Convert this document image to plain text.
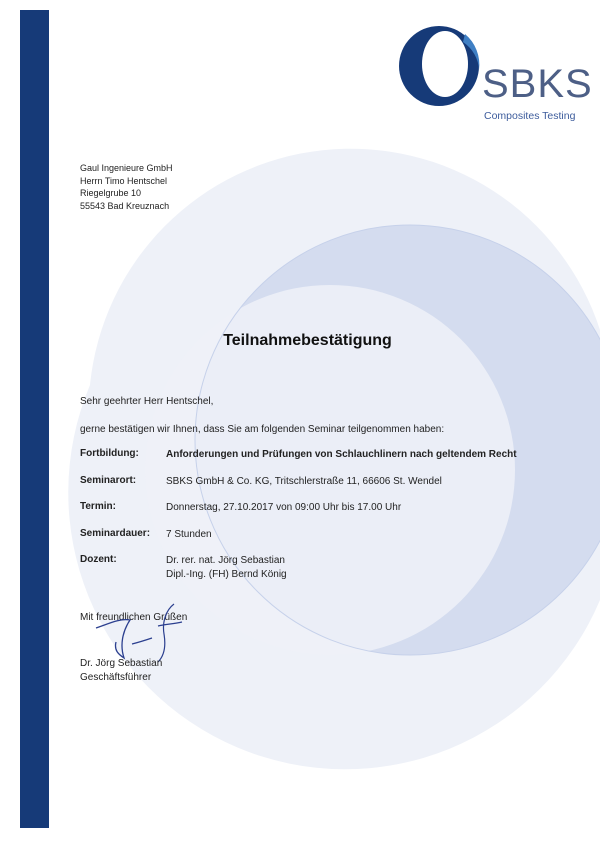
SBKS
Composites Testing
Gaul Ingenieure GmbH
Herrn Timo Hentschel
Riegelgrube 10
55543 Bad Kreuznach
Teilnahmebestätigung
Sehr geehrter Herr Hentschel,
gerne bestätigen wir Ihnen, dass Sie am folgenden Seminar teilgenommen haben:
Fortbildung:	Anforderungen und Prüfungen von Schlauchlinern nach geltendem Recht
Seminarort:	SBKS GmbH & Co. KG, Tritschlerstraße 11, 66606 St. Wendel
Termin:	Donnerstag, 27.10.2017 von 09:00 Uhr bis 17.00 Uhr
Seminardauer: 7 Stunden
Dozent:	Dr. rer. nat. Jörg Sebastian
Dipl.-Ing. (FH) Bernd König
Mit freundlichen Grüßen
Dr. Jörg Sebastian
Geschäftsführer
